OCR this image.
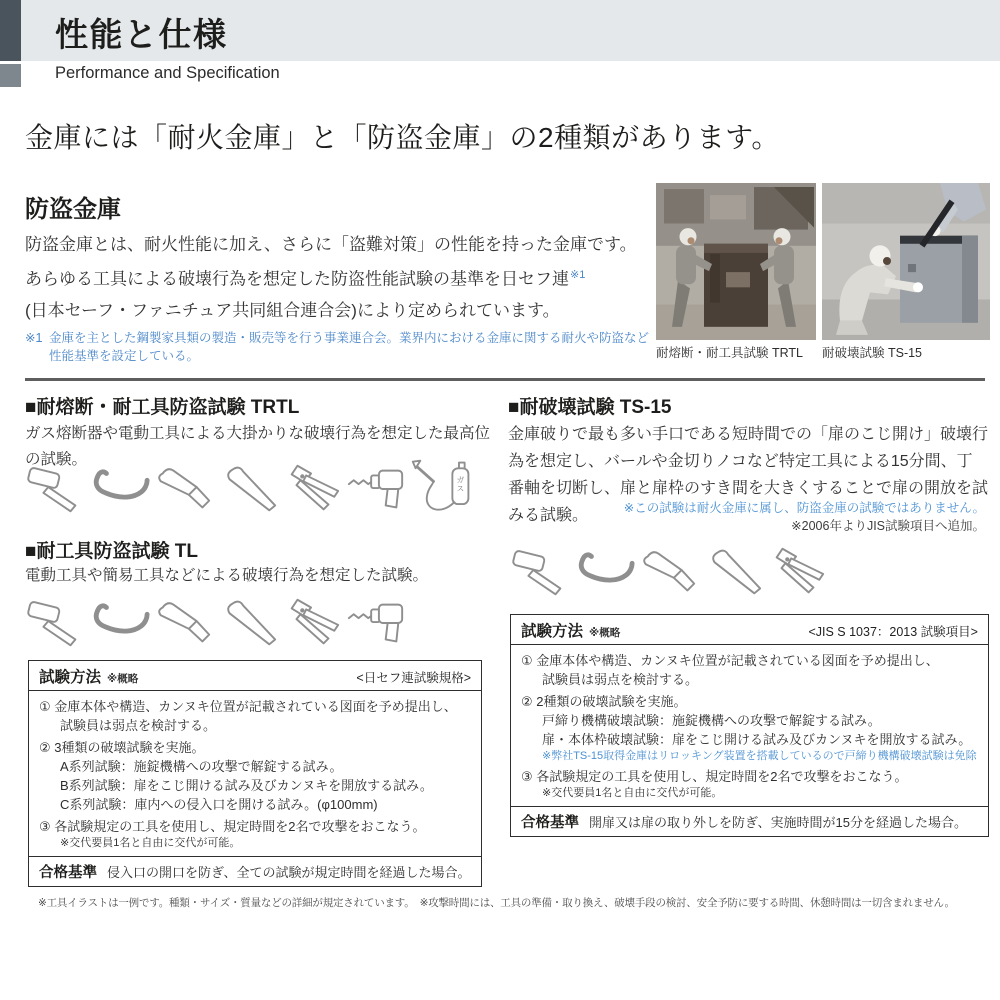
性能と仕様
Performance and Specification
金庫には「耐火金庫」と「防盗金庫」の2種類があります。
防盗金庫
防盗金庫とは、耐火性能に加え、さらに「盗難対策」の性能を持った金庫です。
あらゆる工具による破壊行為を想定した防盗性能試験の基準を日セフ連$^{※1}$
(日本セーフ・ファニチュア共同組合連合会)により定められています。
※1 金庫を主とした鋼製家具類の製造・販売等を行う事業連合会。業界内における金庫に関する耐火や防盗など性能基準を設定している。	耐熔断・耐工具試験 TRTL 耐破壊試験 TS-15
■耐熔断・耐工具防盗試験 TRTL
ガス熔断器や電動工具による大掛かりな破壊行為を想定した最高位の試験。
ガス
■耐工具防盗試験 TL
電動工具や簡易工具などによる破壊行為を想定した試験。
試験方法 ※概略	<日セフ連試験規格>
① 金庫本体や構造、カンヌキ位置が記載されている図面を予め提出し、
試験員は弱点を検討する。
② 3種類の破壊試験を実施。
A系列試験：施錠機構への攻撃で解錠する試み。
B系列試験：扉をこじ開ける試み及びカンヌキを開放する試み。
C系列試験：庫内への侵入口を開ける試み。(φ100mm)
③ 各試験規定の工具を使用し、規定時間を2名で攻撃をおこなう。
※交代要員1名と自由に交代が可能。
合格基準 侵入口の開口を防ぎ、全ての試験が規定時間を経過した場合。
■耐破壊試験 TS-15
金庫破りで最も多い手口である短時間での「扉のこじ開け」破壊行為を想定し、バールや金切りノコなど特定工具による15分間、丁番軸を切断し、扉と扉枠のすき間を大きくすることで扉の開放を試みる試験。	※この試験は耐火金庫に属し、防盗金庫の試験ではありません。
※2006年よりJIS試験項目へ追加。
試験方法 ※概略	<JIS S 1037：2013 試験項目>
① 金庫本体や構造、カンヌキ位置が記載されている図面を予め提出し、
試験員は弱点を検討する。
② 2種類の破壊試験を実施。
戸締り機構破壊試験：施錠機構への攻撃で解錠する試み。
扉・本体枠破壊試験：扉をこじ開ける試み及びカンヌキを開放する試み。
※弊社TS-15取得金庫はリロッキング装置を搭載しているので戸締り機構破壊試験は免除
③ 各試験規定の工具を使用し、規定時間を2名で攻撃をおこなう。
※交代要員1名と自由に交代が可能。
合格基準 開扉又は扉の取り外しを防ぎ、実施時間が15分を経過した場合。
※工具イラストは一例です。種類・サイズ・質量などの詳細が規定されています。　※攻撃時間には、工具の準備・取り換え、破壊手段の検討、安全予防に要する時間、休憩時間は一切含まれません。
